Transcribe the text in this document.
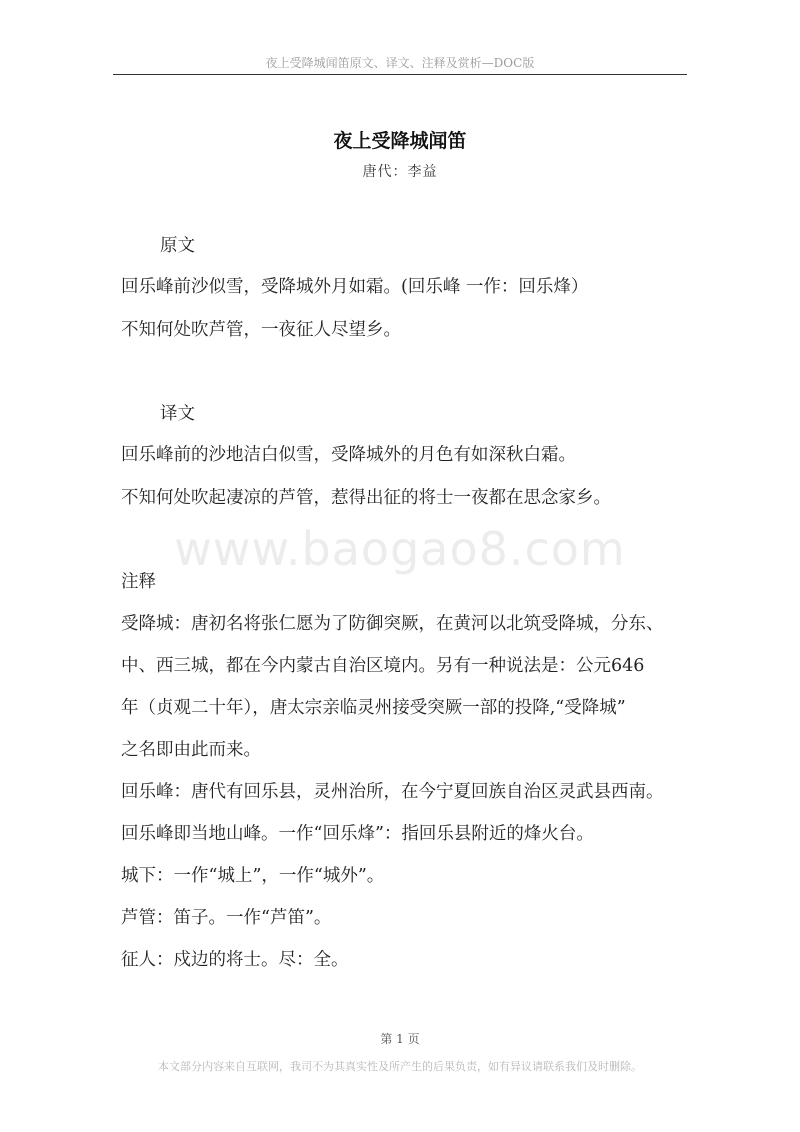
夜上受降城闻笛原文、译文、注释及赏析—DOC版
夜上受降城闻笛
唐代：李益
www.baogao8.com
原文
回乐峰前沙似雪，受降城外月如霜。(回乐峰 一作：回乐烽）
不知何处吹芦管，一夜征人尽望乡。
译文
回乐峰前的沙地洁白似雪，受降城外的月色有如深秋白霜。
不知何处吹起凄凉的芦管，惹得出征的将士一夜都在思念家乡。
注释
受降城：唐初名将张仁愿为了防御突厥，在黄河以北筑受降城，分东、
中、西三城，都在今内蒙古自治区境内。另有一种说法是：公元646
年（贞观二十年），唐太宗亲临灵州接受突厥一部的投降,“受降城”
之名即由此而来。
回乐峰：唐代有回乐县，灵州治所，在今宁夏回族自治区灵武县西南。
回乐峰即当地山峰。一作“回乐烽”：指回乐县附近的烽火台。
城下：一作“城上”，一作“城外”。
芦管：笛子。一作“芦笛”。
征人：戍边的将士。尽：全。
第 1 页
本文部分内容来自互联网，我司不为其真实性及所产生的后果负责，如有异议请联系我们及时删除。
